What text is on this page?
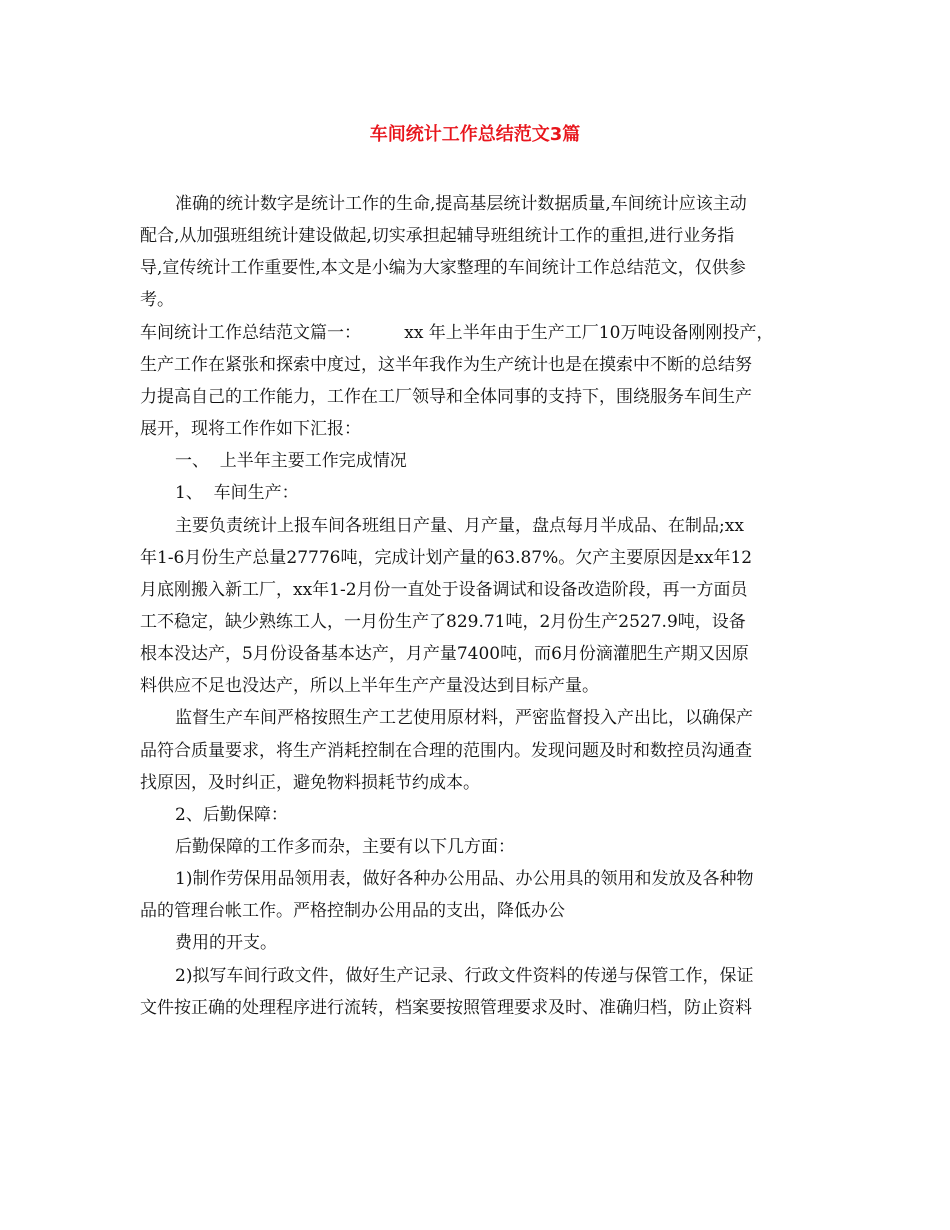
车间统计工作总结范文3篇
准确的统计数字是统计工作的生命,提高基层统计数据质量,车间统计应该主动
配合,从加强班组统计建设做起,切实承担起辅导班组统计工作的重担,进行业务指
导,宣传统计工作重要性,本文是小编为大家整理的车间统计工作总结范文，仅供参
考。
车间统计工作总结范文篇一：        xx 年上半年由于生产工厂10万吨设备刚刚投产，
生产工作在紧张和探索中度过，这半年我作为生产统计也是在摸索中不断的总结努
力提高自己的工作能力，工作在工厂领导和全体同事的支持下，围绕服务车间生产
展开，现将工作作如下汇报：
一、  上半年主要工作完成情况
1、  车间生产：
主要负责统计上报车间各班组日产量、月产量，盘点每月半成品、在制品;xx
年1-6月份生产总量27776吨，完成计划产量的63.87%。欠产主要原因是xx年12
月底刚搬入新工厂，xx年1-2月份一直处于设备调试和设备改造阶段，再一方面员
工不稳定，缺少熟练工人，一月份生产了829.71吨，2月份生产2527.9吨，设备
根本没达产，5月份设备基本达产，月产量7400吨，而6月份滴灌肥生产期又因原
料供应不足也没达产，所以上半年生产产量没达到目标产量。
监督生产车间严格按照生产工艺使用原材料，严密监督投入产出比，以确保产
品符合质量要求，将生产消耗控制在合理的范围内。发现问题及时和数控员沟通查
找原因，及时纠正，避免物料损耗节约成本。
2、后勤保障：
后勤保障的工作多而杂，主要有以下几方面：
1)制作劳保用品领用表，做好各种办公用品、办公用具的领用和发放及各种物
品的管理台帐工作。严格控制办公用品的支出，降低办公
费用的开支。
2)拟写车间行政文件，做好生产记录、行政文件资料的传递与保管工作，保证
文件按正确的处理程序进行流转，档案要按照管理要求及时、准确归档，防止资料
